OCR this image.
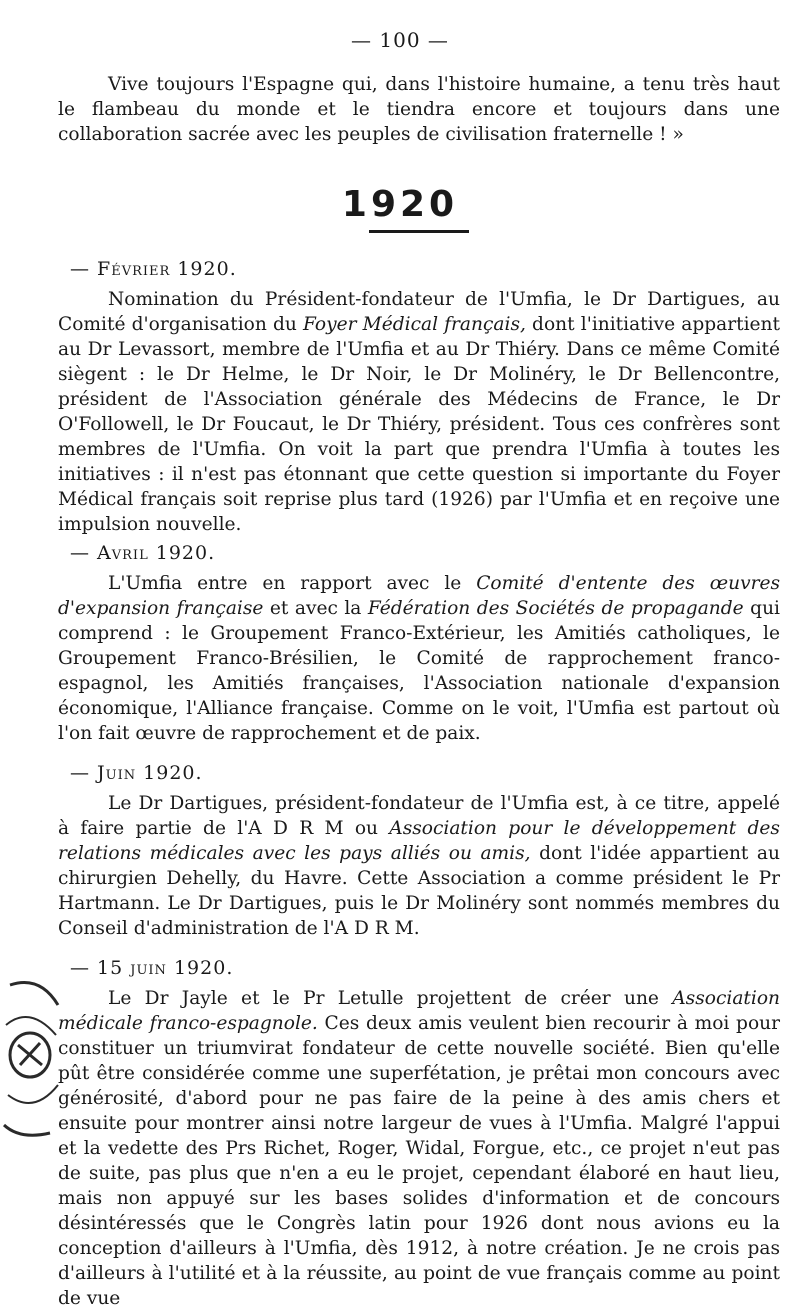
— 100 —

Vive toujours l'Espagne qui, dans l'histoire humaine, a tenu très haut le flambeau du monde et le tiendra encore et toujours dans une collaboration sacrée avec les peuples de civilisation fraternelle ! »

1920
— Février 1920.

Nomination du Président-fondateur de l'Umfia, le Dr Dartigues, au Comité d'organisation du Foyer Médical français, dont l'initiative appartient au Dr Levassort, membre de l'Umfia et au Dr Thiéry. Dans ce même Comité siègent : le Dr Helme, le Dr Noir, le Dr Molinéry, le Dr Bellencontre, président de l'Association générale des Médecins de France, le Dr O'Followell, le Dr Foucaut, le Dr Thiéry, président. Tous ces confrères sont membres de l'Umfia. On voit la part que prendra l'Umfia à toutes les initiatives : il n'est pas étonnant que cette question si importante du Foyer Médical français soit reprise plus tard (1926) par l'Umfia et en reçoive une impulsion nouvelle.

— Avril 1920.

L'Umfia entre en rapport avec le Comité d'entente des œuvres d'expansion française et avec la Fédération des Sociétés de propagande qui comprend : le Groupement Franco-Extérieur, les Amitiés catholiques, le Groupement Franco-Brésilien, le Comité de rapprochement franco-espagnol, les Amitiés françaises, l'Association nationale d'expansion économique, l'Alliance française. Comme on le voit, l'Umfia est partout où l'on fait œuvre de rapprochement et de paix.

— Juin 1920.

Le Dr Dartigues, président-fondateur de l'Umfia est, à ce titre, appelé à faire partie de l'A D R M ou Association pour le développement des relations médicales avec les pays alliés ou amis, dont l'idée appartient au chirurgien Dehelly, du Havre. Cette Association a comme président le Pr Hartmann. Le Dr Dartigues, puis le Dr Molinéry sont nommés membres du Conseil d'administration de l'A D R M.

— 15 juin 1920.

Le Dr Jayle et le Pr Letulle projettent de créer une Association médicale franco-espagnole. Ces deux amis veulent bien recourir à moi pour constituer un triumvirat fondateur de cette nouvelle société. Bien qu'elle pût être considérée comme une superfétation, je prêtai mon concours avec générosité, d'abord pour ne pas faire de la peine à des amis chers et ensuite pour montrer ainsi notre largeur de vues à l'Umfia. Malgré l'appui et la vedette des Prs Richet, Roger, Widal, Forgue, etc., ce projet n'eut pas de suite, pas plus que n'en a eu le projet, cependant élaboré en haut lieu, mais non appuyé sur les bases solides d'information et de concours désintéressés que le Congrès latin pour 1926 dont nous avions eu la conception d'ailleurs à l'Umfia, dès 1912, à notre création. Je ne crois pas d'ailleurs à l'utilité et à la réussite, au point de vue français comme au point de vue
